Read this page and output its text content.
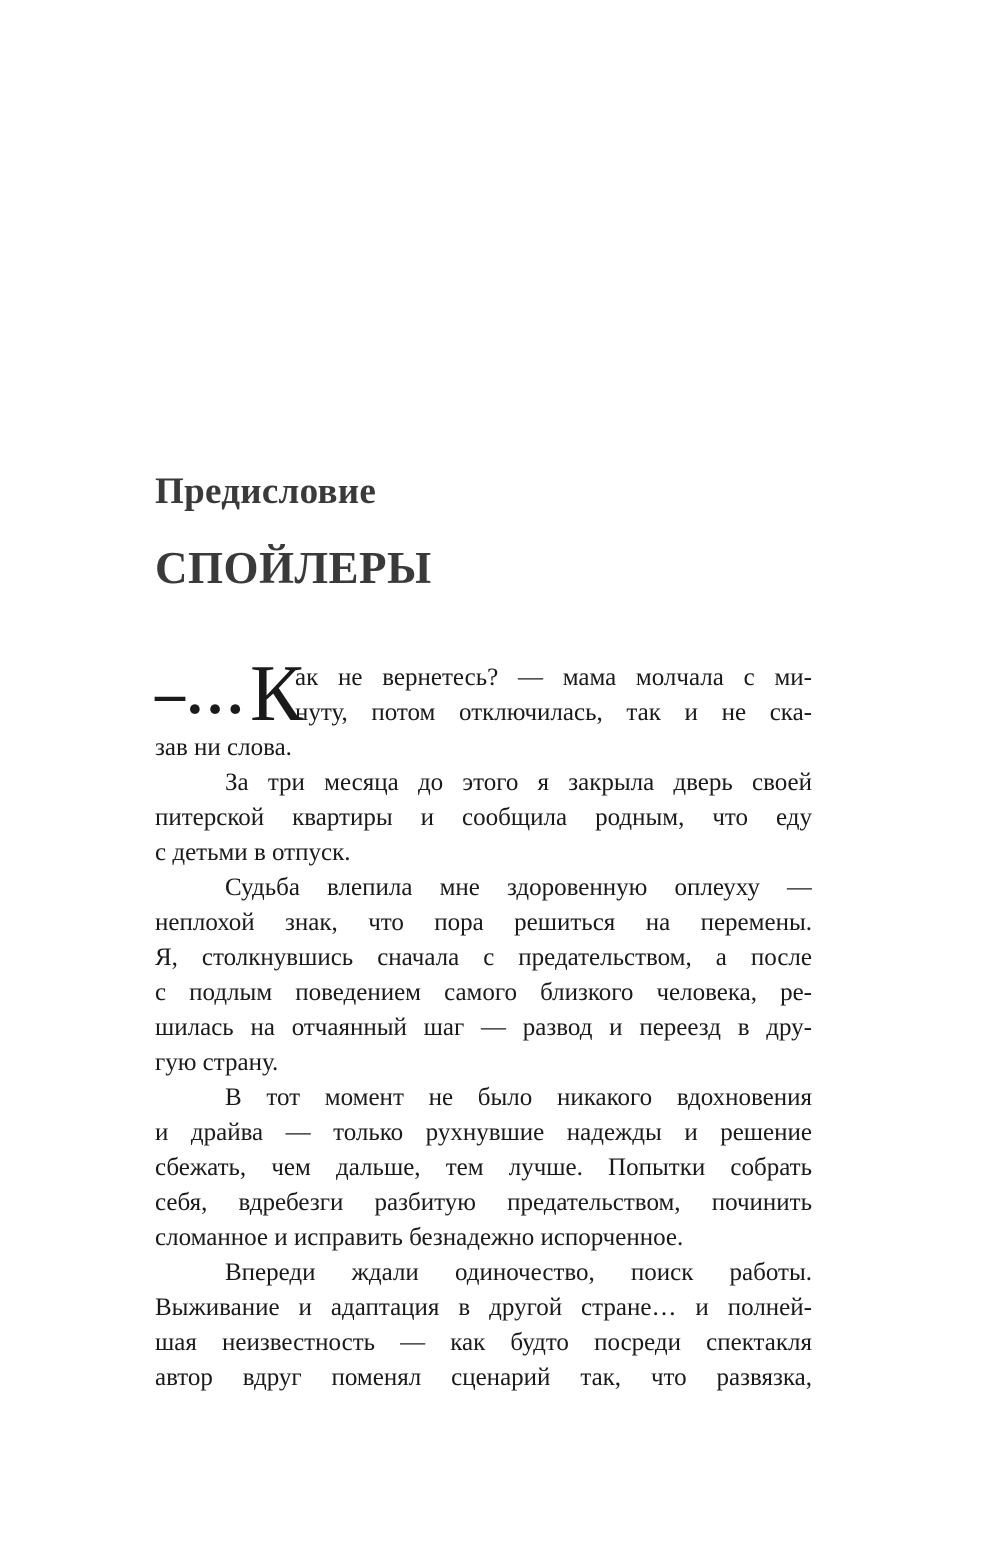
Предисловие
СПОЙЛЕРЫ
–… К
ак не вернетесь? — мама молчала с ми-
нуту, потом отключилась, так и не ска-
зав ни слова.
За три месяца до этого я закрыла дверь своей
питерской квартиры и сообщила родным, что еду
с детьми в отпуск.
Судьба влепила мне здоровенную оплеуху —
неплохой знак, что пора решиться на перемены.
Я, столкнувшись сначала с предательством, а после
с подлым поведением самого близкого человека, ре-
шилась на отчаянный шаг — развод и переезд в дру-
гую страну.
В тот момент не было никакого вдохновения
и драйва — только рухнувшие надежды и решение
сбежать, чем дальше, тем лучше. Попытки собрать
себя, вдребезги разбитую предательством, починить
сломанное и исправить безнадежно испорченное.
Впереди ждали одиночество, поиск работы.
Выживание и адаптация в другой стране… и полней-
шая неизвестность — как будто посреди спектакля
автор вдруг поменял сценарий так, что развязка,
